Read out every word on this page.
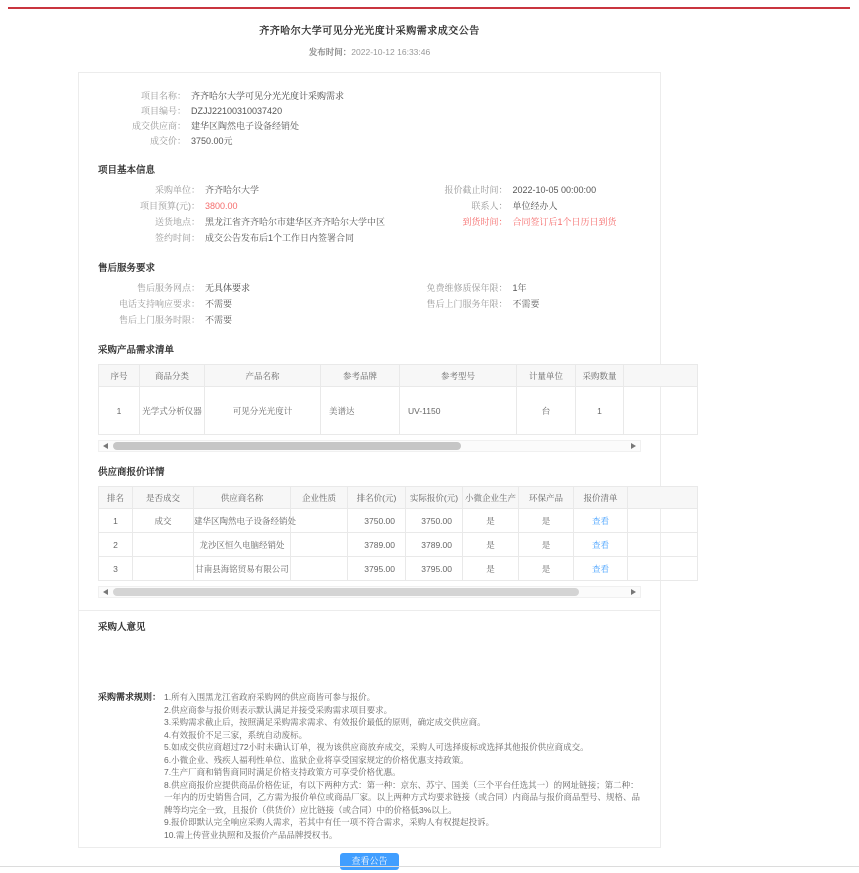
齐齐哈尔大学可见分光光度计采购需求成交公告
发布时间：2022-10-12 16:33:46
项目名称： 齐齐哈尔大学可见分光光度计采购需求
项目编号： DZJJ22100310037420
成交供应商： 建华区陶然电子设备经销处
成交价： 3750.00元
项目基本信息
采购单位： 齐齐哈尔大学
项目预算(元)： 3800.00
送货地点： 黑龙江省齐齐哈尔市建华区齐齐哈尔大学中区
签约时间： 成交公告发布后1个工作日内签署合同
报价截止时间： 2022-10-05 00:00:00
联系人： 单位经办人
到货时间： 合同签订后1个日历日到货
售后服务要求
售后服务网点： 无具体要求
电话支持响应要求： 不需要
售后上门服务时限： 不需要
免费维修质保年限： 1年
售后上门服务年限： 不需要
采购产品需求清单
序号	商品分类	产品名称	参考品牌	参考型号	计量单位	采购数量	
1	光学式分析仪器	可见分光光度计	美谱达	UV-1150	台	1	
供应商报价详情
排名	是否成交	供应商名称	企业性质	排名价(元)	实际报价(元)	小微企业生产	环保产品	报价清单	
1	成交	建华区陶然电子设备经销处		3750.00	3750.00	是	是	查看	
2		龙沙区恒久电脑经销处		3789.00	3789.00	是	是	查看	
3		甘南县海铭贸易有限公司		3795.00	3795.00	是	是	查看	
采购人意见
采购需求规则： 1.所有入围黑龙江省政府采购网的供应商皆可参与报价。
2.供应商参与报价则表示默认满足并接受采购需求项目要求。
3.采购需求截止后，按照满足采购需求需求、有效报价最低的原则，确定成交供应商。
4.有效报价不足三家，系统自动废标。
5.如成交供应商超过72小时未确认订单，视为该供应商放弃成交，采购人可选择废标或选择其他报价供应商成交。
6.小微企业、残疾人福利性单位、监狱企业将享受国家规定的价格优惠支持政策。
7.生产厂商和销售商同时满足价格支持政策方可享受价格优惠。
8.供应商报价应提供商品价格佐证，有以下两种方式：第一种：京东、苏宁、国美（三个平台任选其一）的网址链接；第二种：一年内的历史销售合同，乙方需为报价单位或商品厂家。以上两种方式均要求链接（或合同）内商品与报价商品型号、规格、品牌等均完全一致，且报价（供货价）应比链接（或合同）中的价格低3%以上。
9.报价即默认完全响应采购人需求，若其中有任一项不符合需求，采购人有权提起投诉。
10.需上传营业执照和及报价产品品牌授权书。
查看公告
